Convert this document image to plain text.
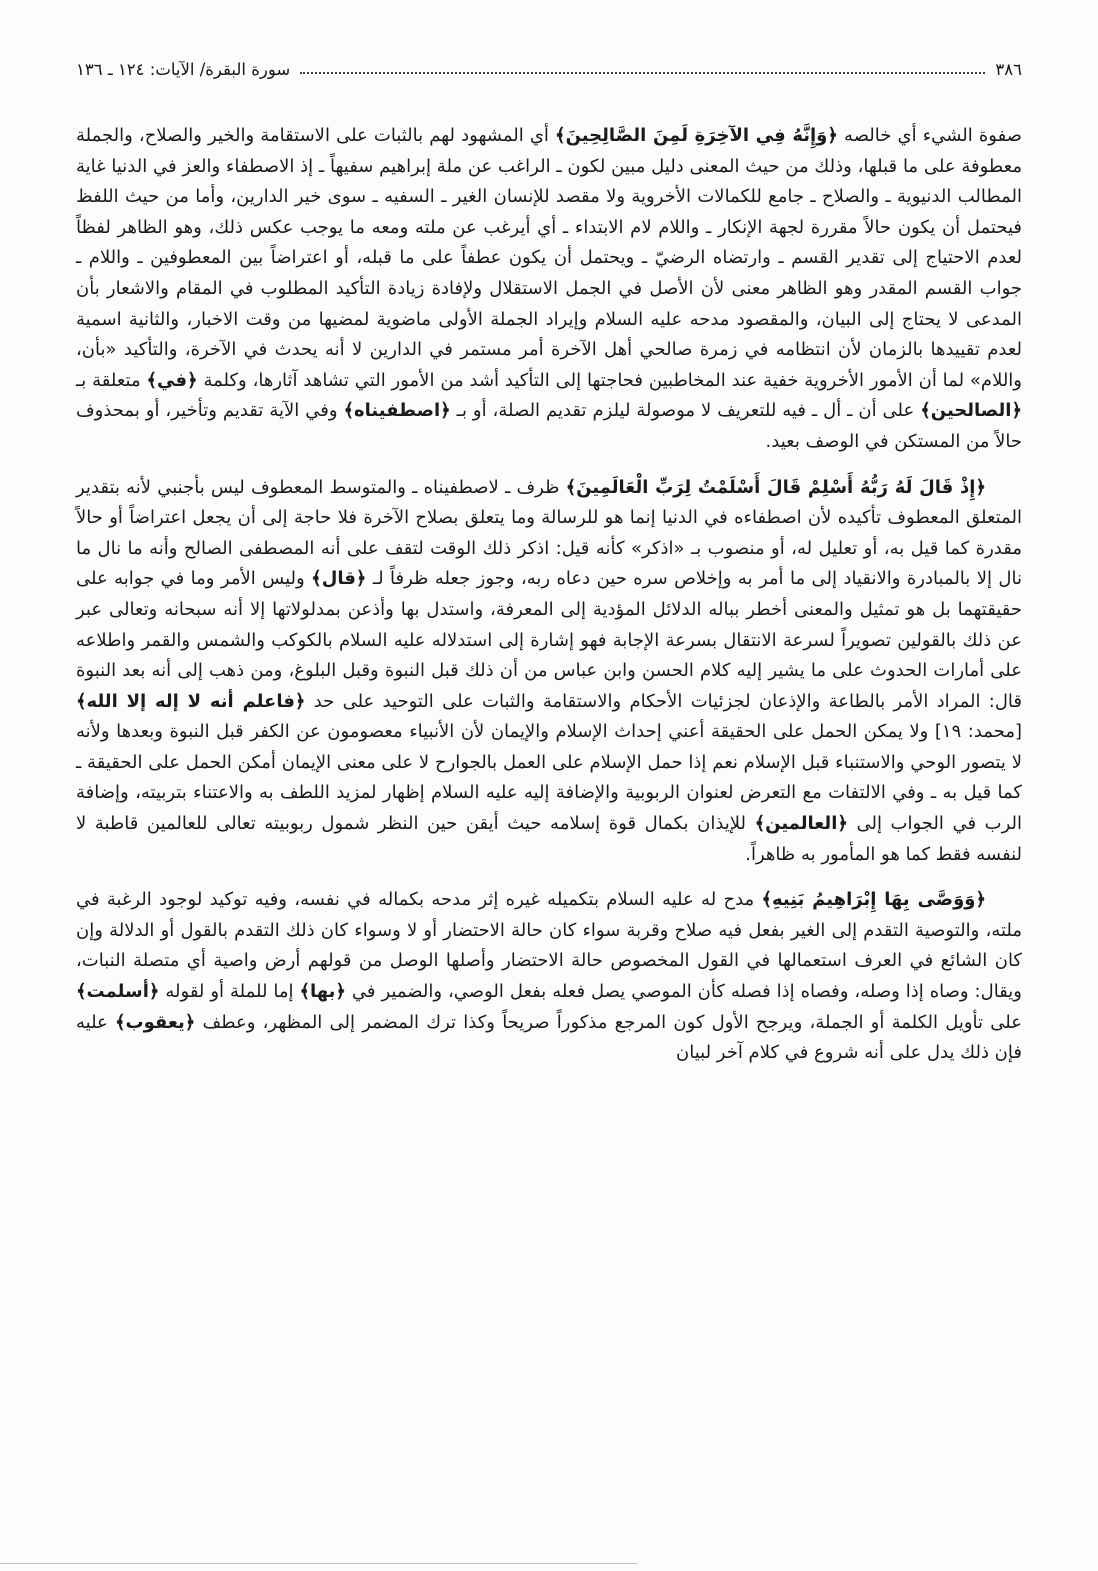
٣٨٦
سورة البقرة/ الآيات: ١٢٤ ـ ١٣٦

صفوة الشيء أي خالصه ﴿وَإِنَّهُ فِي الآخِرَةِ لَمِنَ الصَّالِحِينَ﴾ أي المشهود لهم بالثبات على الاستقامة والخير والصلاح، والجملة معطوفة على ما قبلها، وذلك من حيث المعنى دليل مبين لكون ـ الراغب عن ملة إبراهيم سفيهاً ـ إذ الاصطفاء والعز في الدنيا غاية المطالب الدنيوية ـ والصلاح ـ جامع للكمالات الأخروية ولا مقصد للإنسان الغير ـ السفيه ـ سوى خير الدارين، وأما من حيث اللفظ فيحتمل أن يكون حالاً مقررة لجهة الإنكار ـ واللام لام الابتداء ـ أي أيرغب عن ملته ومعه ما يوجب عكس ذلك، وهو الظاهر لفظاً لعدم الاحتياج إلى تقدير القسم ـ وارتضاه الرضيّ ـ ويحتمل أن يكون عطفاً على ما قبله، أو اعتراضاً بين المعطوفين ـ واللام ـ جواب القسم المقدر وهو الظاهر معنى لأن الأصل في الجمل الاستقلال ولإفادة زيادة التأكيد المطلوب في المقام والاشعار بأن المدعى لا يحتاج إلى البيان، والمقصود مدحه عليه السلام وإيراد الجملة الأولى ماضوية لمضيها من وقت الاخبار، والثانية اسمية لعدم تقييدها بالزمان لأن انتظامه في زمرة صالحي أهل الآخرة أمر مستمر في الدارين لا أنه يحدث في الآخرة، والتأكيد «بأن، واللام» لما أن الأمور الأخروية خفية عند المخاطبين فحاجتها إلى التأكيد أشد من الأمور التي تشاهد آثارها، وكلمة ﴿في﴾ متعلقة بـ ﴿الصالحين﴾ على أن ـ أل ـ فيه للتعريف لا موصولة ليلزم تقديم الصلة، أو بـ ﴿اصطفيناه﴾ وفي الآية تقديم وتأخير، أو بمحذوف حالاً من المستكن في الوصف بعيد.

﴿إِذْ قَالَ لَهُ رَبُّهُ أَسْلِمْ قَالَ أَسْلَمْتُ لِرَبِّ الْعَالَمِينَ﴾ ظرف ـ لاصطفيناه ـ والمتوسط المعطوف ليس بأجنبي لأنه بتقدير المتعلق المعطوف تأكيده لأن اصطفاءه في الدنيا إنما هو للرسالة وما يتعلق بصلاح الآخرة فلا حاجة إلى أن يجعل اعتراضاً أو حالاً مقدرة كما قيل به، أو تعليل له، أو منصوب بـ «اذكر» كأنه قيل: اذكر ذلك الوقت لتقف على أنه المصطفى الصالح وأنه ما نال ما نال إلا بالمبادرة والانقياد إلى ما أمر به وإخلاص سره حين دعاه ربه، وجوز جعله ظرفاً لـ ﴿قال﴾ وليس الأمر وما في جوابه على حقيقتهما بل هو تمثيل والمعنى أخطر بباله الدلائل المؤدية إلى المعرفة، واستدل بها وأذعن بمدلولاتها إلا أنه سبحانه وتعالى عبر عن ذلك بالقولين تصويراً لسرعة الانتقال بسرعة الإجابة فهو إشارة إلى استدلاله عليه السلام بالكوكب والشمس والقمر واطلاعه على أمارات الحدوث على ما يشير إليه كلام الحسن وابن عباس من أن ذلك قبل النبوة وقبل البلوغ، ومن ذهب إلى أنه بعد النبوة قال: المراد الأمر بالطاعة والإذعان لجزئيات الأحكام والاستقامة والثبات على التوحيد على حد ﴿فاعلم أنه لا إله إلا الله﴾ [محمد: ١٩] ولا يمكن الحمل على الحقيقة أعني إحداث الإسلام والإيمان لأن الأنبياء معصومون عن الكفر قبل النبوة وبعدها ولأنه لا يتصور الوحي والاستنباء قبل الإسلام نعم إذا حمل الإسلام على العمل بالجوارح لا على معنى الإيمان أمكن الحمل على الحقيقة ـ كما قيل به ـ وفي الالتفات مع التعرض لعنوان الربوبية والإضافة إليه عليه السلام إظهار لمزيد اللطف به والاعتناء بتربيته، وإضافة الرب في الجواب إلى ﴿العالمين﴾ للإيذان بكمال قوة إسلامه حيث أيقن حين النظر شمول ربوبيته تعالى للعالمين قاطبة لا لنفسه فقط كما هو المأمور به ظاهراً.

﴿وَوَصَّى بِهَا إِبْرَاهِيمُ بَنِيهِ﴾ مدح له عليه السلام بتكميله غيره إثر مدحه بكماله في نفسه، وفيه توكيد لوجود الرغبة في ملته، والتوصية التقدم إلى الغير بفعل فيه صلاح وقربة سواء كان حالة الاحتضار أو لا وسواء كان ذلك التقدم بالقول أو الدلالة وإن كان الشائع في العرف استعمالها في القول المخصوص حالة الاحتضار وأصلها الوصل من قولهم أرض واصية أي متصلة النبات، ويقال: وصاه إذا وصله، وفصاه إذا فصله كأن الموصي يصل فعله بفعل الوصي، والضمير في ﴿بها﴾ إما للملة أو لقوله ﴿أسلمت﴾ على تأويل الكلمة أو الجملة، ويرجح الأول كون المرجع مذكوراً صريحاً وكذا ترك المضمر إلى المظهر، وعطف ﴿يعقوب﴾ عليه فإن ذلك يدل على أنه شروع في كلام آخر لبيان
